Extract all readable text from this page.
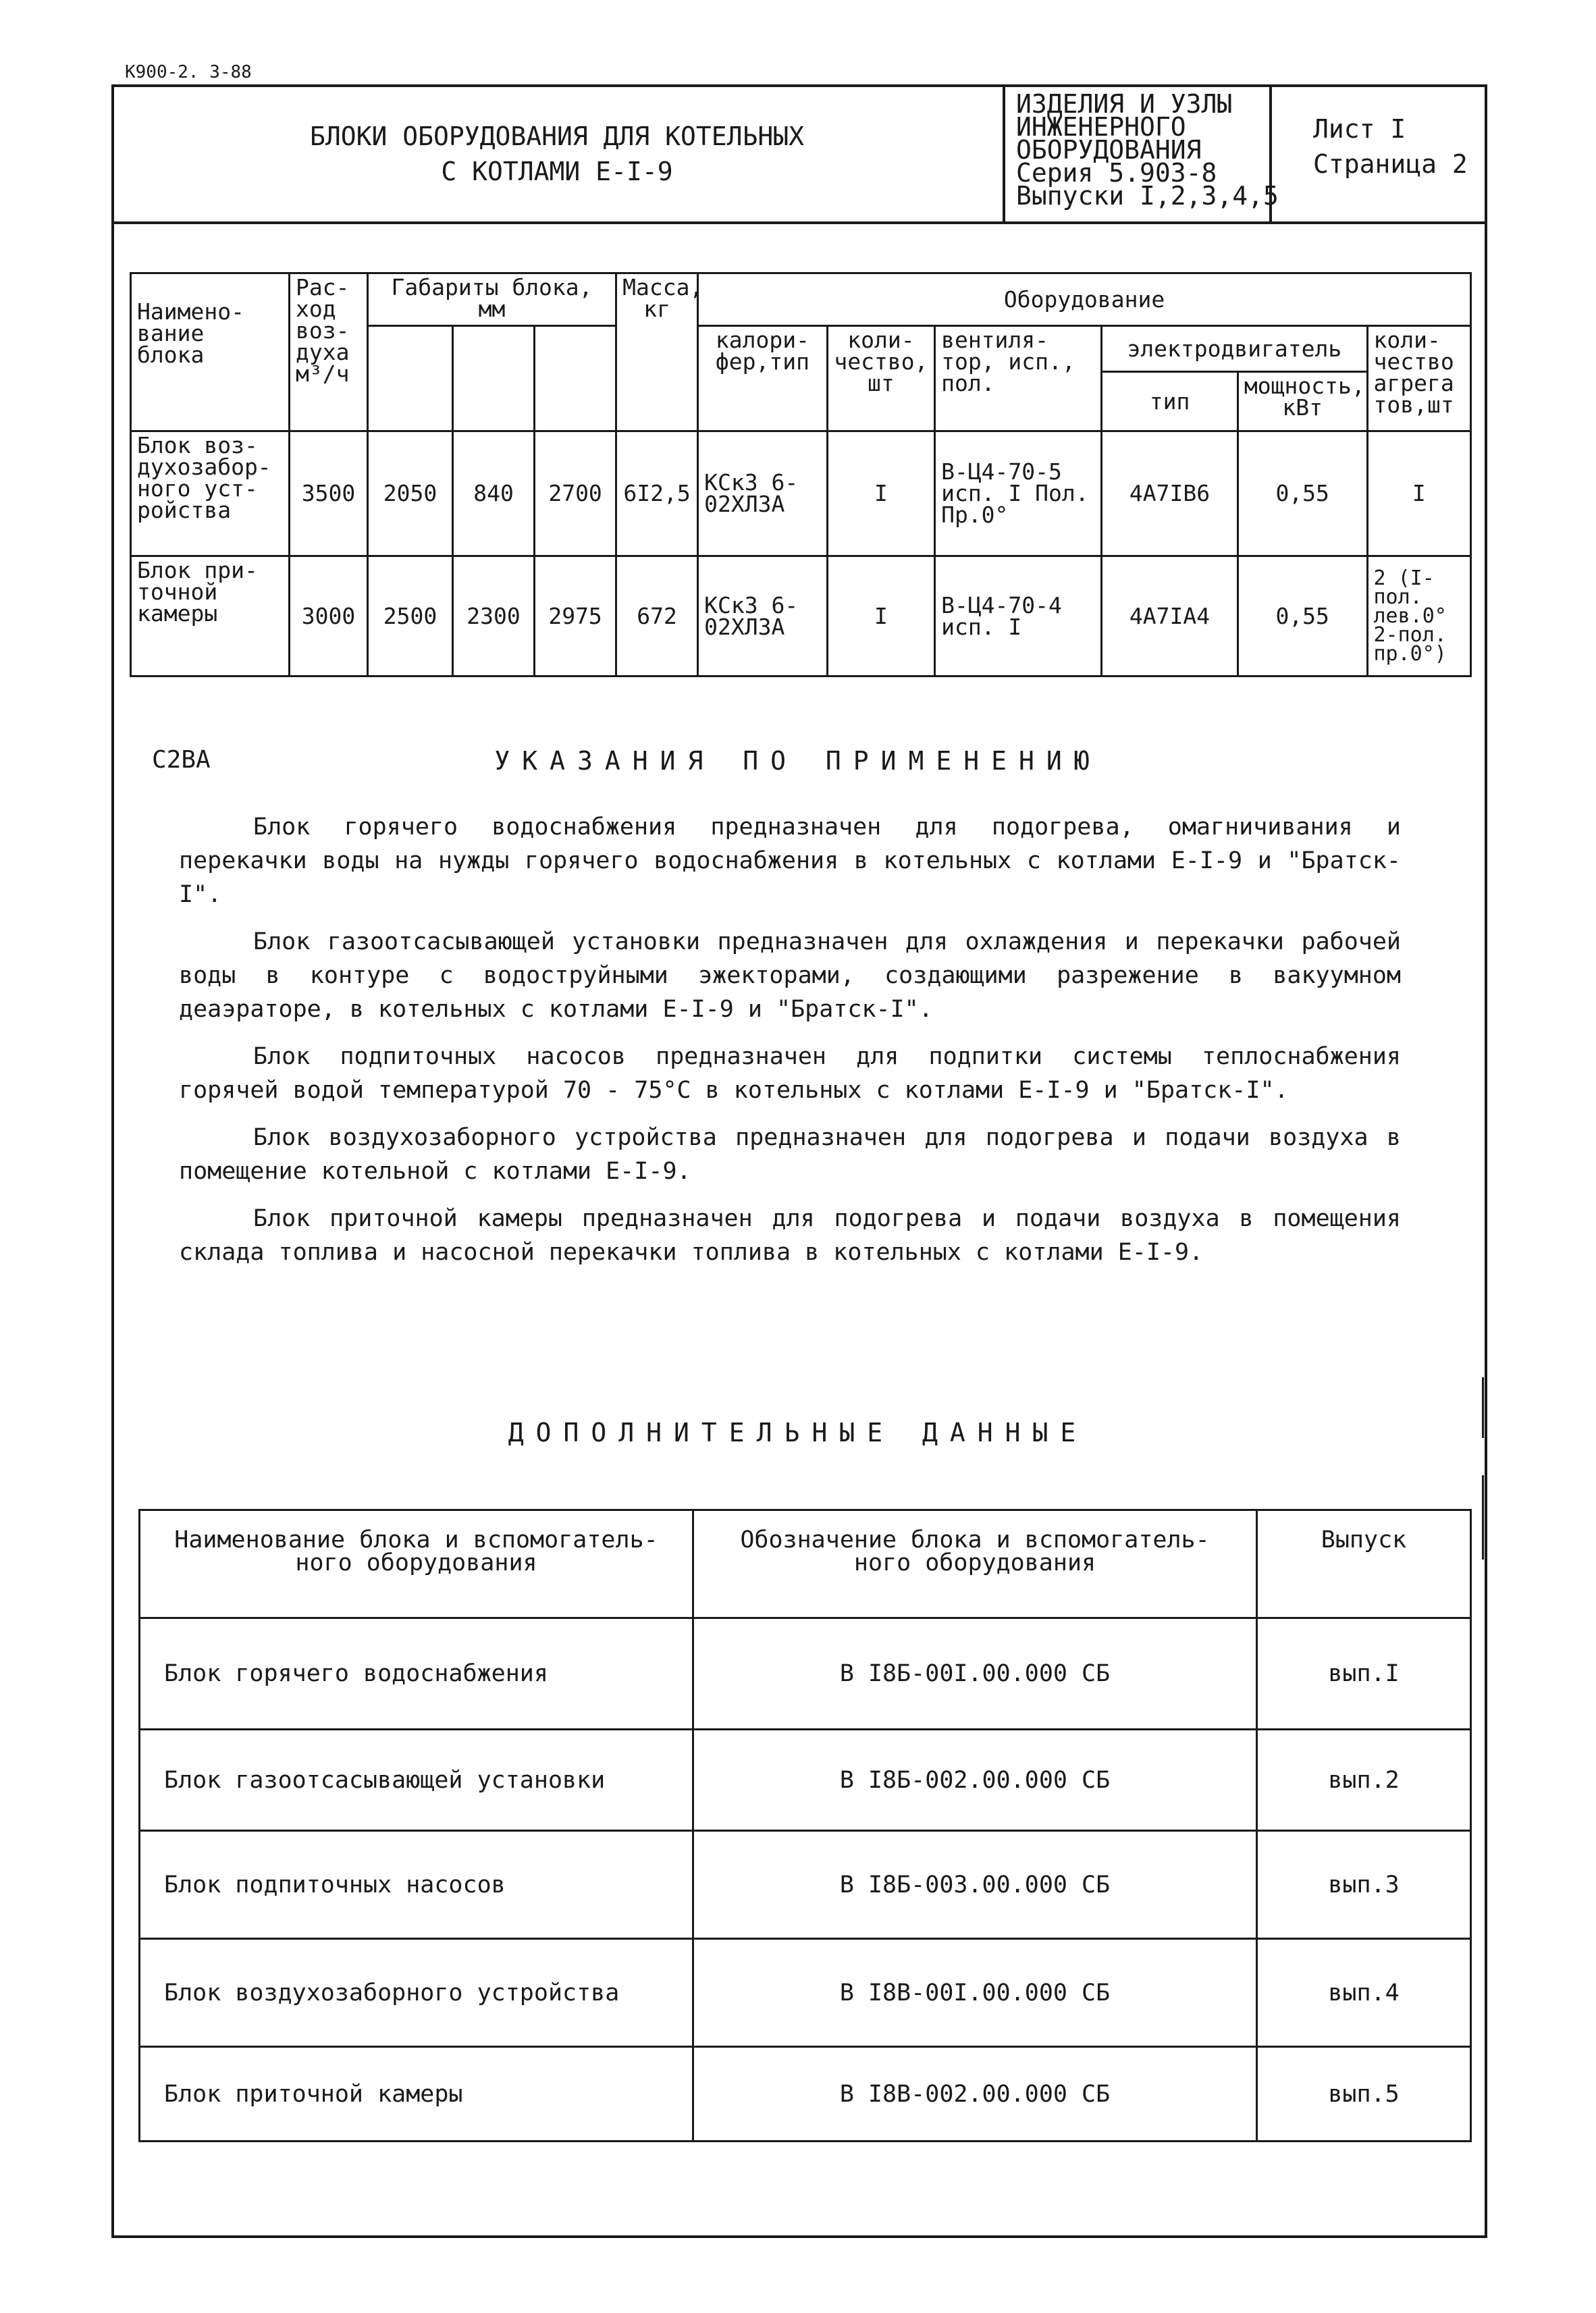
К900-2. 3-88
БЛОКИ ОБОРУДОВАНИЯ ДЛЯ КОТЕЛЬНЫХ
С КОТЛАМИ Е-I-9
ИЗДЕЛИЯ И УЗЛЫ
ИНЖЕНЕРНОГО
ОБОРУДОВАНИЯ
Серия 5.903-8
Выпуски I,2,3,4,5
Лист I
Страница 2
Наимено- вание блока	Рас- ход воз- духа м³/ч	Габариты блока, мм			Масса, кг	Оборудование					
						калори- фер,тип	коли- чество, шт	вентиля- тор, исп., пол.	электродвигатель		коли- чество агрега тов,шт
									тип	мощность, кВт	
Блок воз- духозабор- ного уст- ройства	3500	2050	840	2700	6I2,5	КСкЗ 6-02ХЛЗА	I	В-Ц4-70-5 исп. I Пол. Пр.0°	4А7IВ6	0,55	I
Блок при- точной камеры	3000	2500	2300	2975	672	КСкЗ 6-02ХЛЗА	I	В-Ц4-70-4 исп. I	4А7IА4	0,55	2 (I-пол. лев.0° 2-пол. пр.0°)
С2ВА	УКАЗАНИЯ ПО ПРИМЕНЕНИЮ

Блок горячего водоснабжения предназначен для подогрева, омагничивания и перекачки воды на нужды горячего водоснабжения в котельных с котлами Е-I-9 и "Братск-I".

Блок газоотсасывающей установки предназначен для охлаждения и перекачки рабочей воды в контуре с водоструйными эжекторами, создающими разрежение в вакуумном деаэраторе, в котельных с котлами Е-I-9 и "Братск-I".

Блок подпиточных насосов предназначен для подпитки системы теплоснабжения горячей водой температурой 70 - 75°С в котельных с котлами Е-I-9 и "Братск-I".

Блок воздухозаборного устройства предназначен для подогрева и подачи воздуха в помещение котельной с котлами Е-I-9.

Блок приточной камеры предназначен для подогрева и подачи воздуха в помещения склада топлива и насосной перекачки топлива в котельных с котлами Е-I-9.

ДОПОЛНИТЕЛЬНЫЕ ДАННЫЕ
Наименование блока и вспомогатель- ного оборудования	Обозначение блока и вспомогатель- ного оборудования	Выпуск
Блок горячего водоснабжения	В I8Б-00I.00.000 СБ	вып.I
Блок газоотсасывающей установки	В I8Б-002.00.000 СБ	вып.2
Блок подпиточных насосов	В I8Б-003.00.000 СБ	вып.3
Блок воздухозаборного устройства	В I8В-00I.00.000 СБ	вып.4
Блок приточной камеры	В I8В-002.00.000 СБ	вып.5
